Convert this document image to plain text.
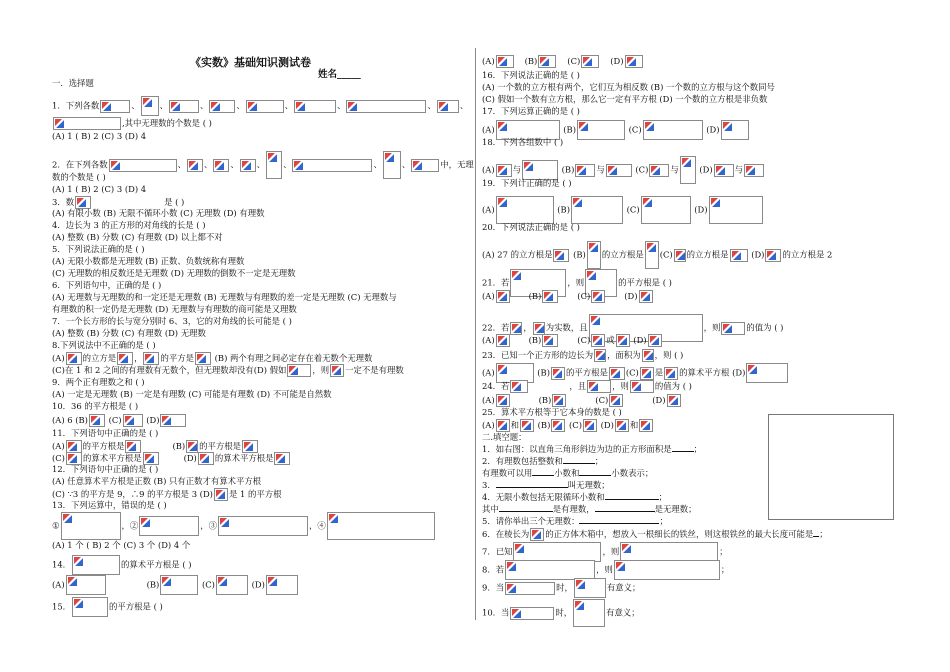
《实数》基础知识测试卷
姓名_____
一．选择题
1．下列各数	、 、	、	、	、	、	、	、
,其中无理数的个数是 ( )
(A) 1 ( B) 2 (C) 3 (D) 4
2．在下列各数	、 、 、 、 、	、 、	中，无理
数的个数是 ( )
(A) 1 ( B) 2 (C) 3 (D) 4
3．数	是 ( )
(A) 有限小数 (B) 无限不循环小数 (C) 无理数 (D) 有理数
4．边长为 3 的正方形的对角线的长是 ( )
(A) 整数 (B) 分数 (C) 有理数 (D) 以上都不对
5．下列说法正确的是 ( )
(A) 无限小数都是无理数 (B) 正数、负数统称有理数
(C) 无理数的相反数还是无理数 (D) 无理数的倒数不一定是无理数
6．下列语句中，正确的是 ( )
(A) 无理数与无理数的和一定还是无理数 (B) 无理数与有理数的差一定是无理数 (C) 无理数与
有理数的积一定仍是无理数 (D) 无理数与有理数的商可能是又理数
7．一个长方形的长与宽分别时 6、3，它的对角线的长可能是 ( )
(A) 整数 (B) 分数 (C) 有理数 (D) 无理数
8.下列说法中不正确的是 ( )
(A) 的立方是 ， 的平方是 (B) 两个有理之间必定存在着无数个无理数
(C)在 1 和 2 之间的有理数有无数个，但无理数却没有(D) 假如	，则 一定不是有理数
9．两个正有理数之和 ( )
(A) 一定是无理数 (B) 一定是有理数 (C) 可能是有理数 (D) 不可能是自然数
10．36 的平方根是 ( )
(A) 6 (B) (C)	(D)
11．下列语句中正确的是 ( )
(A) 的平方根是	(B) 的平方根是
(C) 的算术平方根是	(D) 的算术平方根是
12．下列语句中正确的是 ( )
(A) 任意算术平方根是正数 (B) 只有正数才有算术平方根
(C) ∵3 的平方是 9，∴9 的平方根是 3 (D) 是 1 的平方根
13．下列运算中，错误的是 ( )
①	，②	，③	，④
(A) 1 个 ( B) 2 个 (C) 3 个 (D) 4 个
14．	的算术平方根是 ( )
(A)	(B)	(C)	(D)
15．	的平方根是 ( )
(A)	(B)	(C)	(D)
16．下列说法正确的是 ( )
(A) 一个数的立方根有两个，它们互为相反数 (B) 一个数的立方根与这个数同号
(C) 假如一个数有立方根，那么它一定有平方根 (D) 一个数的立方根是非负数
17．下列运算正确的是 ( )
(A)	(B)	(C)	(D)
18．下列各组数中 ( )
(A) 与	(B)	与	(C)	与 (D)	与
19．下列计正确的是 ( )
(A)	(B)	(C)	(D)
20．下列说法正确的是 ( )
(A) 27 的立方根是 (B) 的立方根是 (C) 的立方根是	(D) 的立方根是 2
21．若	，则	的平方根是 ( )
(A)	(B)	(C)	(D)
22．若 ， 为实数，且	，则	的值为 ( )
(A)	(B)	(C) 或 (D)
23．已知一个正方形的边长为 ，面积为 ，则 ( )
(A)	(B) 的平方根是 (C) 是 的算术平方根 (D)
24．若	，且	，则	的值为 ( )
(A)	(B)	(C)	(D)
25．算术平方根等于它本身的数是 ( )
(A) 和 (B) (C) (D) 和
二.填空题：
1．如右图：以直角三角形斜边为边的正方形面积是	；
2．有理数包括整数和	；
有理数可以用	小数和	小数表示；
3．	叫无理数；
4．无限小数包括无限循环小数和	；
其中	是有理数，	是无理数；
5．请你举出三个无理数：	；
6．在棱长为 的正方体木箱中，想放入一根细长的铁丝，则这根铁丝的最大长度可能是 ；
7．已知	，则	；
8．若	，则	；
9．当	时，	有意义；
10．当	时，	有意义；
